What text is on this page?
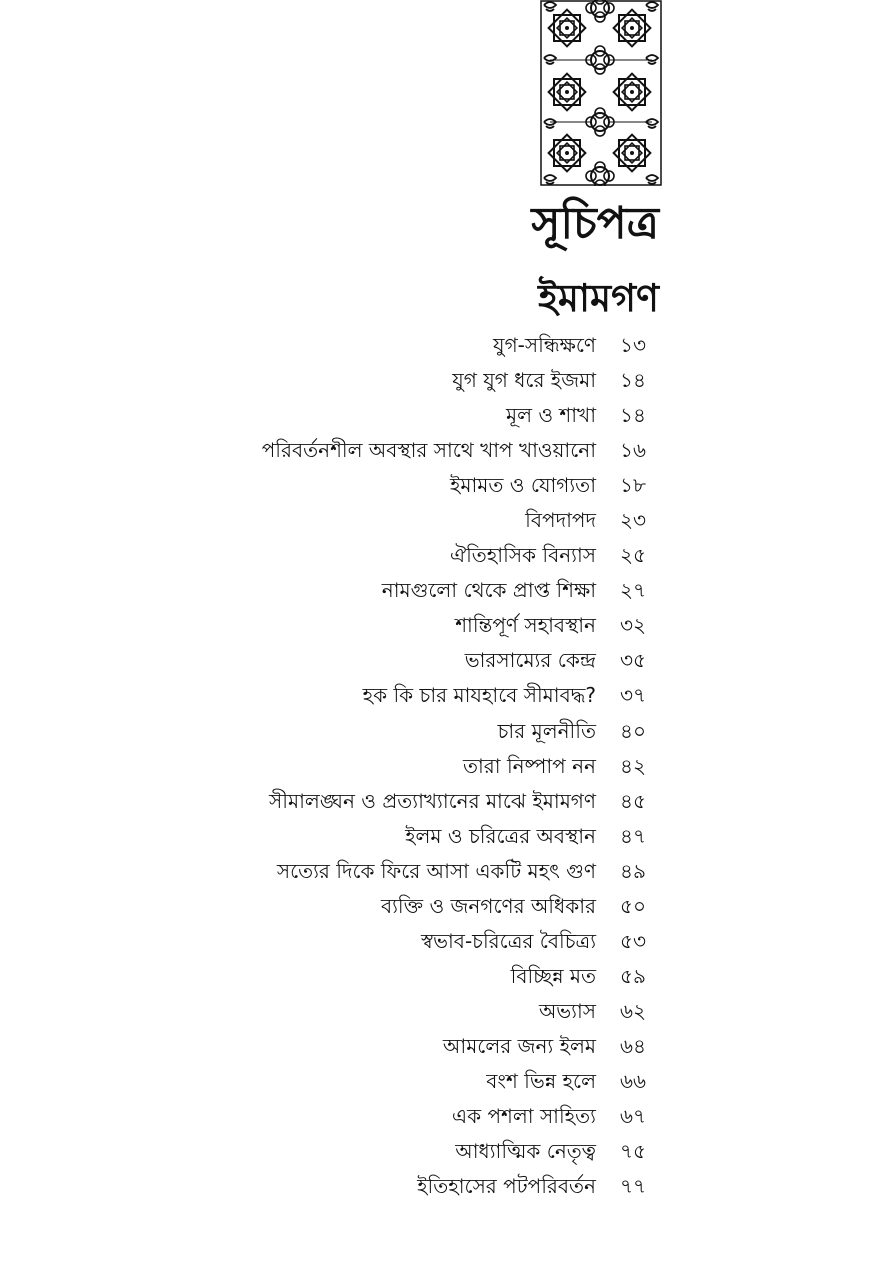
সূচিপত্র
ইমামগণ
যুগ-সন্ধিক্ষণে ১৩
যুগ যুগ ধরে ইজমা ১৪
মূল ও শাখা ১৪
পরিবর্তনশীল অবস্থার সাথে খাপ খাওয়ানো ১৬
ইমামত ও যোগ্যতা ১৮
বিপদাপদ ২৩
ঐতিহাসিক বিন্যাস ২৫
নামগুলো থেকে প্রাপ্ত শিক্ষা ২৭
শান্তিপূর্ণ সহাবস্থান ৩২
ভারসাম্যের কেন্দ্র ৩৫
হক কি চার মাযহাবে সীমাবদ্ধ? ৩৭
চার মূলনীতি ৪০
তারা নিষ্পাপ নন ৪২
সীমালঙ্ঘন ও প্রত্যাখ্যানের মাঝে ইমামগণ ৪৫
ইলম ও চরিত্রের অবস্থান ৪৭
সত্যের দিকে ফিরে আসা একটি মহৎ গুণ ৪৯
ব্যক্তি ও জনগণের অধিকার ৫০
স্বভাব-চরিত্রের বৈচিত্র্য ৫৩
বিচ্ছিন্ন মত ৫৯
অভ্যাস ৬২
আমলের জন্য ইলম ৬৪
বংশ ভিন্ন হলে ৬৬
এক পশলা সাহিত্য ৬৭
আধ্যাত্মিক নেতৃত্ব ৭৫
ইতিহাসের পটপরিবর্তন ৭৭
